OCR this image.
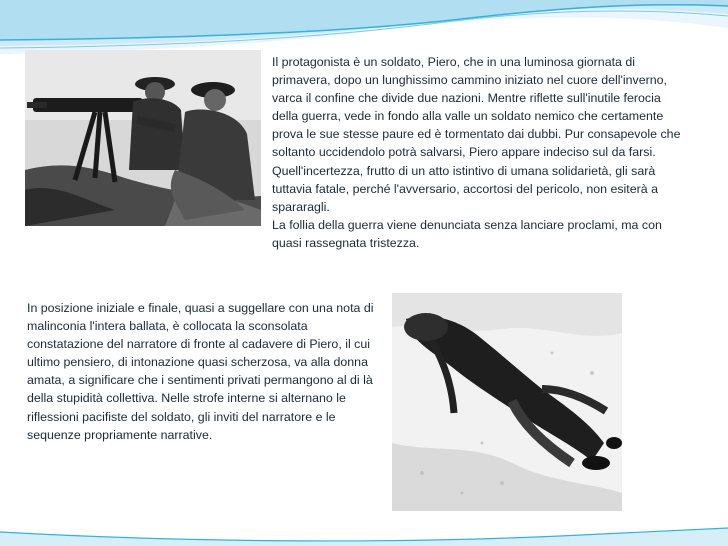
Il protagonista è un soldato, Piero, che in una luminosa giornata di primavera, dopo un lunghissimo cammino iniziato nel cuore dell'inverno, varca il confine che divide due nazioni. Mentre riflette sull'inutile ferocia della guerra, vede in fondo alla valle un soldato nemico che certamente prova le sue stesse paure ed è tormentato dai dubbi. Pur consapevole che soltanto uccidendolo potrà salvarsi, Piero appare indeciso sul da farsi.
Quell'incertezza, frutto di un atto istintivo di umana solidarietà, gli sarà tuttavia fatale, perché l'avversario, accortosi del pericolo, non esiterà a spararagli.
La follia della guerra viene denunciata senza lanciare proclami, ma con quasi rassegnata tristezza.

In posizione iniziale e finale, quasi a suggellare con una nota di malinconia l'intera ballata, è collocata la sconsolata constatazione del narratore di fronte al cadavere di Piero, il cui ultimo pensiero, di intonazione quasi scherzosa, va alla donna amata, a significare che i sentimenti privati permangono al di là della stupidità collettiva. Nelle strofe interne si alternano le riflessioni pacifiste del soldato, gli inviti del narratore e le sequenze propriamente narrative.
